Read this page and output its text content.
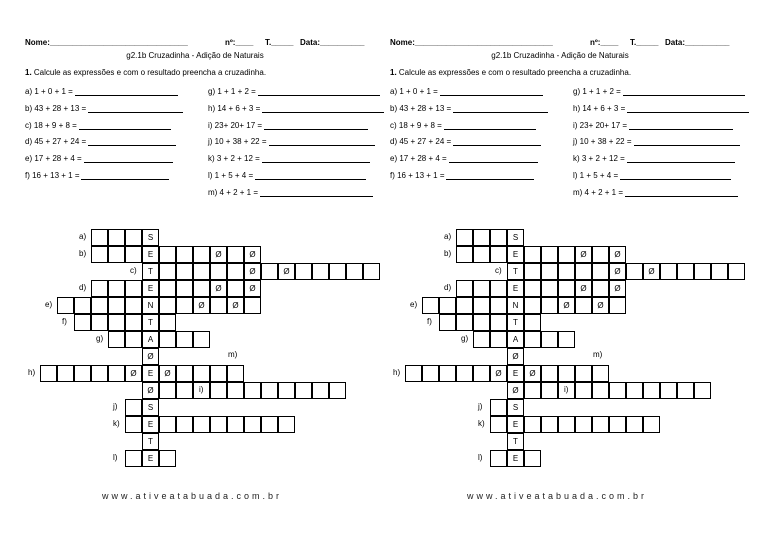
Nome:_______________________________	nº:____ T._____ Data:__________
g2.1b Cruzadinha - Adição de Naturais
1. Calcule as expressões e com o resultado preencha a cruzadinha.
a) 1 + 0 + 1 =
b) 43 + 28 + 13 =
c) 18 + 9 + 8 =
d) 45 + 27 + 24 =
e) 17 + 28 + 4 =
f) 16 + 13 + 1 =
g) 1 + 1 + 2 =
h) 14 + 6 + 3 =
i) 23+ 20+ 17 =
j) 10 + 38 + 22 =
k) 3 + 2 + 12 =
l) 1 + 5 + 4 =
m) 4 + 2 + 1 =
S
a)
E	Ø	Ø
b)
T	Ø	Ø
c)
E	Ø	Ø
d)
N	Ø	Ø
e)
T
f)
A
g)
Ø
Ø	E	Ø
h)
Ø
S
j)
E
k)
T
E
l)
i)
m)
www.ativeatabuada.com.br
Nome:_______________________________	nº:____ T._____ Data:__________
g2.1b Cruzadinha - Adição de Naturais
1. Calcule as expressões e com o resultado preencha a cruzadinha.
a) 1 + 0 + 1 =
b) 43 + 28 + 13 =
c) 18 + 9 + 8 =
d) 45 + 27 + 24 =
e) 17 + 28 + 4 =
f) 16 + 13 + 1 =
g) 1 + 1 + 2 =
h) 14 + 6 + 3 =
i) 23+ 20+ 17 =
j) 10 + 38 + 22 =
k) 3 + 2 + 12 =
l) 1 + 5 + 4 =
m) 4 + 2 + 1 =
S
a)
E	Ø	Ø
b)
T	Ø	Ø
c)
E	Ø	Ø
d)
N	Ø	Ø
e)
T
f)
A
g)
Ø
Ø	E	Ø
h)
Ø
S
j)
E
k)
T
E
l)
i)
m)
www.ativeatabuada.com.br
